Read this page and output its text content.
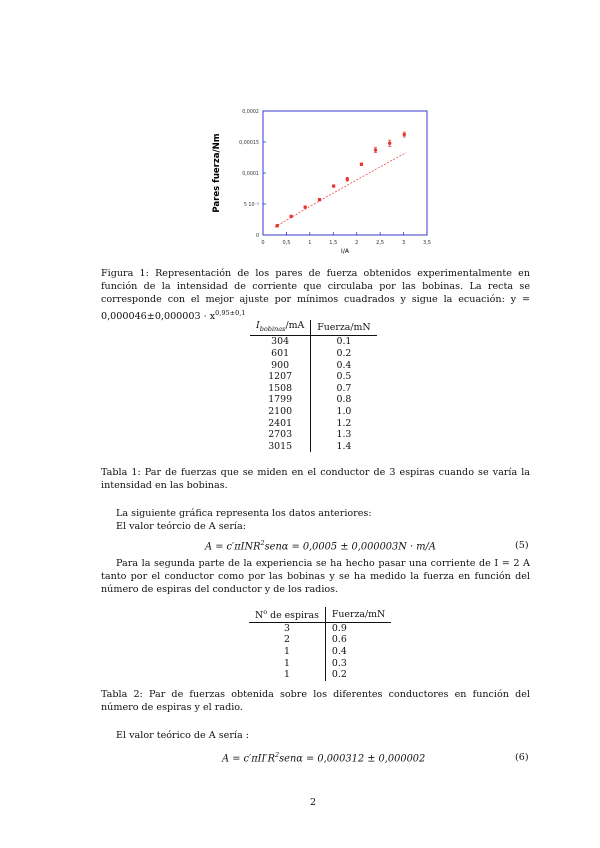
0
5 10⁻⁵
0,0001
0,00015
0,0002
0	0,5	1	1,5	2	2,5	3	3,5
Pares fuerza/Nm
I/A
Figura 1: Representación de los pares de fuerza obtenidos experimentalmente en función de la intensidad de corriente que circulaba por las bobinas. La recta se corresponde con el mejor ajuste por mínimos cuadrados y sigue la ecuación: $y = 0,000046\pm 0,000003 \cdot x^{0,95\pm 0,1}$
$I_{bobinas}/mA$	Fuerza/mN
304	0.1
601	0.2
900	0.4
1207	0.5
1508	0.7
1799	0.8
2100	1.0
2401	1.2
2703	1.3
3015	1.4
Tabla 1: Par de fuerzas que se miden en el conductor de 3 espiras cuando se varía la intensidad en las bobinas.
La siguiente gráfica representa los datos anteriores:
El valor teórcio de A sería:
A = c′πINR$^2$senα = 0,0005 ± 0,000003N · m/A	(5)
Para la segunda parte de la experiencia se ha hecho pasar una corriente de I = 2 A tanto por el conductor como por las bobinas y se ha medido la fuerza en función del número de espiras del conductor y de los radios.
$N^o$ de espiras	Fuerza/mN
3	0.9
2	0.6
1	0.4
1	0.3
1	0.2
Tabla 2: Par de fuerzas obtenida sobre los diferentes conductores en función del número de espiras y el radio.
El valor teórico de A sería :
$A = c'\pi II'R^2sen\alpha = 0,000312 \pm 0,000002$	(6)
2
